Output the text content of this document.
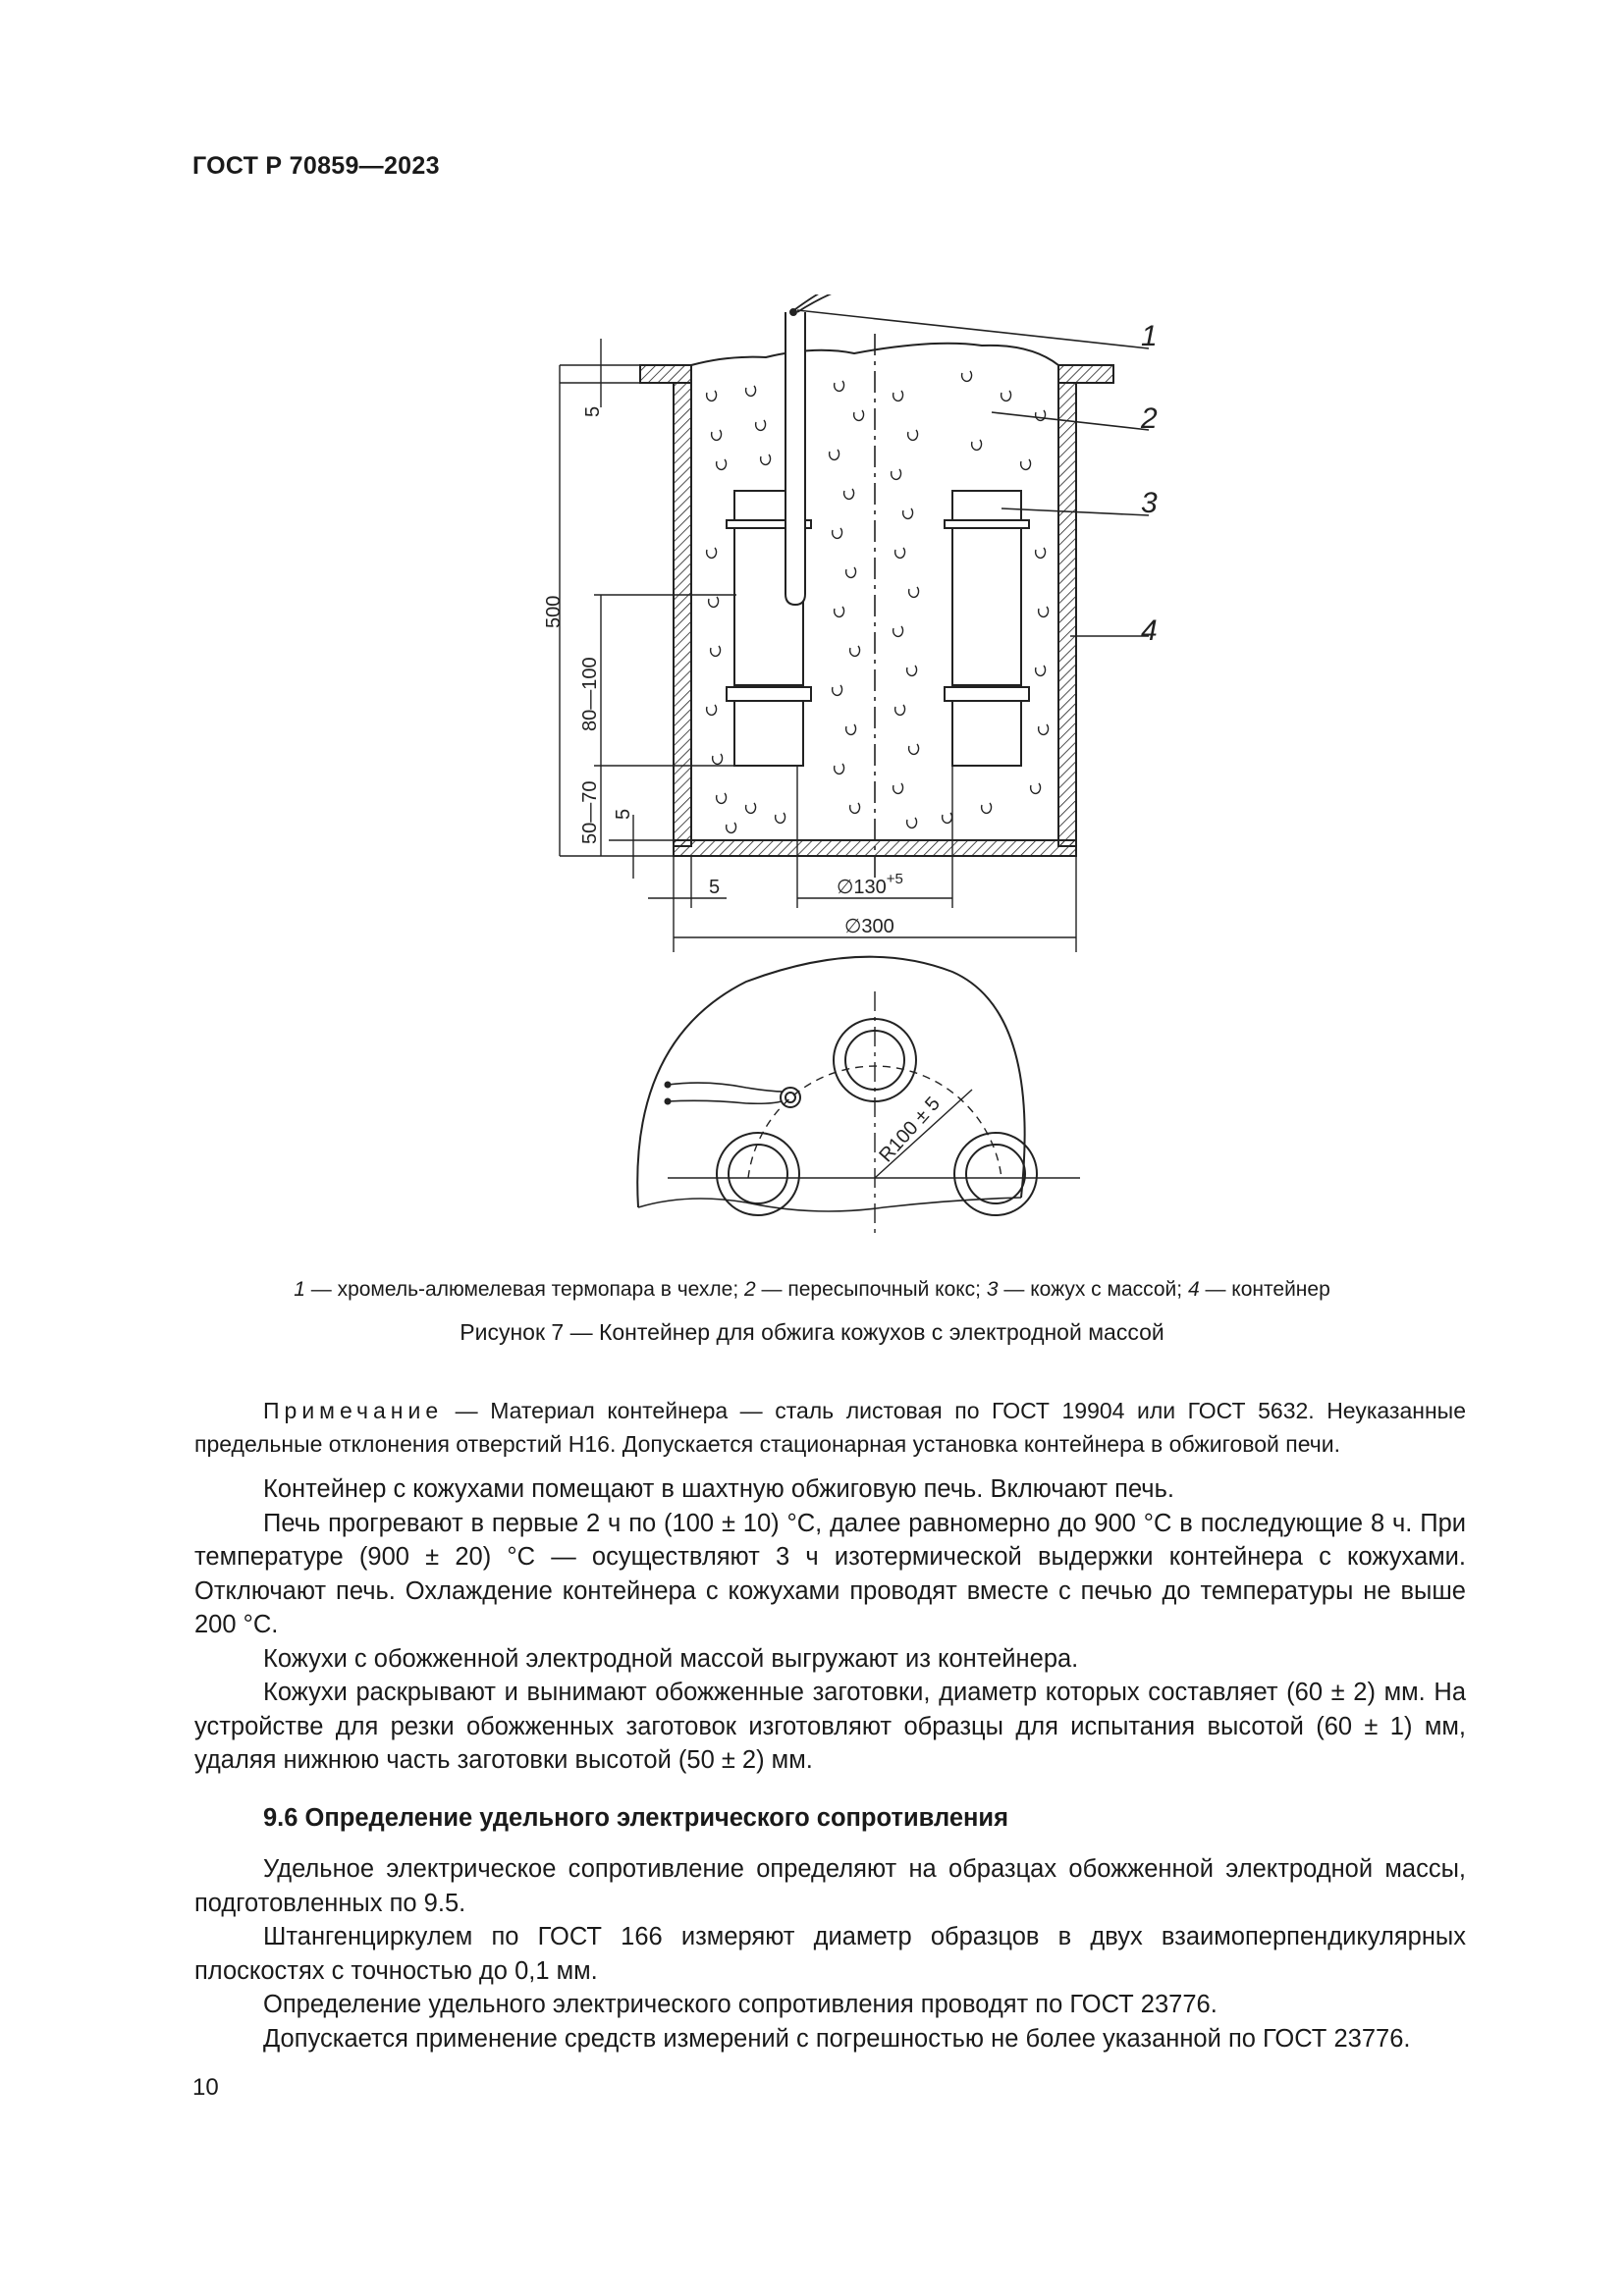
ГОСТ Р 70859—2023
1
2
3
4
5
500
80—100
50—70 5
5	$\emptyset 130^{+5}$
∅300
R100 ± 5
1 — хромель-алюмелевая термопара в чехле; 2 — пересыпочный кокс; 3 — кожух с массой; 4 — контейнер
Рисунок 7 — Контейнер для обжига кожухов с электродной массой
Примечание — Материал контейнера — сталь листовая по ГОСТ 19904 или ГОСТ 5632. Неуказанные предельные отклонения отверстий Н16. Допускается стационарная установка контейнера в обжиговой печи.

Контейнер с кожухами помещают в шахтную обжиговую печь. Включают печь.

Печь прогревают в первые 2 ч по (100 ± 10) °С, далее равномерно до 900 °С в последующие 8 ч. При температуре (900 ± 20) °С — осуществляют 3 ч изотермической выдержки контейнера с кожухами. Отключают печь. Охлаждение контейнера с кожухами проводят вместе с печью до температуры не выше 200 °С.

Кожухи с обожженной электродной массой выгружают из контейнера.

Кожухи раскрывают и вынимают обожженные заготовки, диаметр которых составляет (60 ± 2) мм. На устройстве для резки обожженных заготовок изготовляют образцы для испытания высотой (60 ± 1) мм, удаляя нижнюю часть заготовки высотой (50 ± 2) мм.

9.6 Определение удельного электрического сопротивления

Удельное электрическое сопротивление определяют на образцах обожженной электродной массы, подготовленных по 9.5.

Штангенциркулем по ГОСТ 166 измеряют диаметр образцов в двух взаимоперпендикулярных плоскостях с точностью до 0,1 мм.

Определение удельного электрического сопротивления проводят по ГОСТ 23776.

Допускается применение средств измерений с погрешностью не более указанной по ГОСТ 23776.

10
